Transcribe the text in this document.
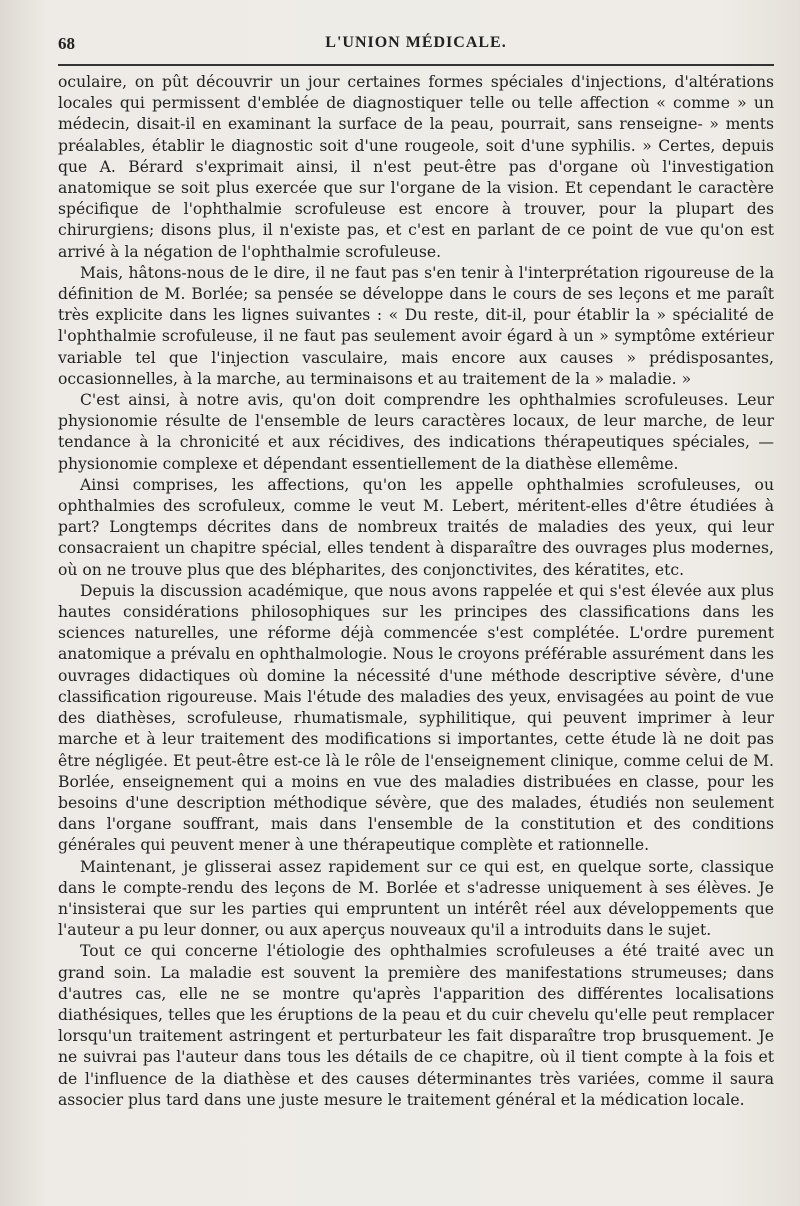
68	L'UNION MÉDICALE.

oculaire, on pût découvrir un jour certaines formes spéciales d'injections, d'altérations locales qui permissent d'emblée de diagnostiquer telle ou telle affection « comme » un médecin, disait-il en examinant la surface de la peau, pourrait, sans renseigne- » ments préalables, établir le diagnostic soit d'une rougeole, soit d'une syphilis. » Certes, depuis que A. Bérard s'exprimait ainsi, il n'est peut-être pas d'organe où l'investigation anatomique se soit plus exercée que sur l'organe de la vision. Et cependant le caractère spécifique de l'ophthalmie scrofuleuse est encore à trouver, pour la plupart des chirurgiens; disons plus, il n'existe pas, et c'est en parlant de ce point de vue qu'on est arrivé à la négation de l'ophthalmie scrofuleuse.

Mais, hâtons-nous de le dire, il ne faut pas s'en tenir à l'interprétation rigoureuse de la définition de M. Borlée; sa pensée se développe dans le cours de ses leçons et me paraît très explicite dans les lignes suivantes : « Du reste, dit-il, pour établir la » spécialité de l'ophthalmie scrofuleuse, il ne faut pas seulement avoir égard à un » symptôme extérieur variable tel que l'injection vasculaire, mais encore aux causes » prédisposantes, occasionnelles, à la marche, au terminaisons et au traitement de la » maladie. »

C'est ainsi, à notre avis, qu'on doit comprendre les ophthalmies scrofuleuses. Leur physionomie résulte de l'ensemble de leurs caractères locaux, de leur marche, de leur tendance à la chronicité et aux récidives, des indications thérapeutiques spéciales, — physionomie complexe et dépendant essentiellement de la diathèse ellemême.

Ainsi comprises, les affections, qu'on les appelle ophthalmies scrofuleuses, ou ophthalmies des scrofuleux, comme le veut M. Lebert, méritent-elles d'être étudiées à part? Longtemps décrites dans de nombreux traités de maladies des yeux, qui leur consacraient un chapitre spécial, elles tendent à disparaître des ouvrages plus modernes, où on ne trouve plus que des blépharites, des conjonctivites, des kératites, etc.

Depuis la discussion académique, que nous avons rappelée et qui s'est élevée aux plus hautes considérations philosophiques sur les principes des classifications dans les sciences naturelles, une réforme déjà commencée s'est complétée. L'ordre purement anatomique a prévalu en ophthalmologie. Nous le croyons préférable assurément dans les ouvrages didactiques où domine la nécessité d'une méthode descriptive sévère, d'une classification rigoureuse. Mais l'étude des maladies des yeux, envisagées au point de vue des diathèses, scrofuleuse, rhumatismale, syphilitique, qui peuvent imprimer à leur marche et à leur traitement des modifications si importantes, cette étude là ne doit pas être négligée. Et peut-être est-ce là le rôle de l'enseignement clinique, comme celui de M. Borlée, enseignement qui a moins en vue des maladies distribuées en classe, pour les besoins d'une description méthodique sévère, que des malades, étudiés non seulement dans l'organe souffrant, mais dans l'ensemble de la constitution et des conditions générales qui peuvent mener à une thérapeutique complète et rationnelle.

Maintenant, je glisserai assez rapidement sur ce qui est, en quelque sorte, classique dans le compte-rendu des leçons de M. Borlée et s'adresse uniquement à ses élèves. Je n'insisterai que sur les parties qui empruntent un intérêt réel aux développements que l'auteur a pu leur donner, ou aux aperçus nouveaux qu'il a introduits dans le sujet.

Tout ce qui concerne l'étiologie des ophthalmies scrofuleuses a été traité avec un grand soin. La maladie est souvent la première des manifestations strumeuses; dans d'autres cas, elle ne se montre qu'après l'apparition des différentes localisations diathésiques, telles que les éruptions de la peau et du cuir chevelu qu'elle peut remplacer lorsqu'un traitement astringent et perturbateur les fait disparaître trop brusquement. Je ne suivrai pas l'auteur dans tous les détails de ce chapitre, où il tient compte à la fois et de l'influence de la diathèse et des causes déterminantes très variées, comme il saura associer plus tard dans une juste mesure le traitement général et la médication locale.
